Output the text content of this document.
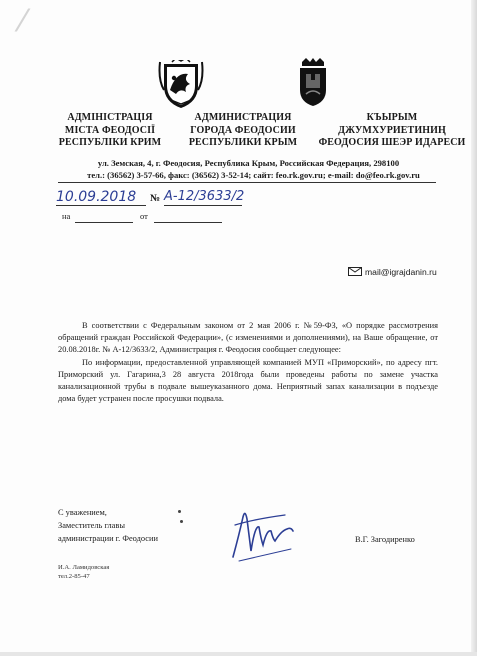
⁄
АДМІНІСТРАЦІЯ
МІСТА ФЕОДОСІЇ
РЕСПУБЛІКИ КРИМ
АДМИНИСТРАЦИЯ
ГОРОДА ФЕОДОСИИ
РЕСПУБЛИКИ КРЫМ
КЪЫРЫМ
ДЖУМХУРИЕТИНИҢ
ФЕОДОСИЯ ШЕЭР ИДАРЕСИ
ул. Земская, 4, г. Феодосия, Республика Крым, Российская Федерация, 298100
тел.: (36562) 3-57-66, факс: (36562) 3-52-14; сайт: feo.rk.gov.ru; e-mail: do@feo.rk.gov.ru
10.09.2018 № А-12/3633/2
на	от
mail@igrajdanin.ru

В соответствии с Федеральным законом от 2 мая 2006 г. №59-ФЗ, «О порядке рассмотрения обращений граждан Российской Федерации», (с изменениями и дополнениями), на Ваше обращение, от 20.08.2018г. № А-12/3633/2, Администрация г. Феодосия сообщает следующее:

По информации, предоставленной управляющей компанией МУП «Приморский», по адресу пгт. Приморский ул. Гагарина,3 28 августа 2018года были проведены работы по замене участка канализационной трубы в подвале вышеуказанного дома. Неприятный запах канализации в подъезде дома будет устранен после просушки подвала.

С уважением,
Заместитель главы
администрации г. Феодосии	В.Г. Загодиренко
И.А. Ламидовская
тел.2-85-47
